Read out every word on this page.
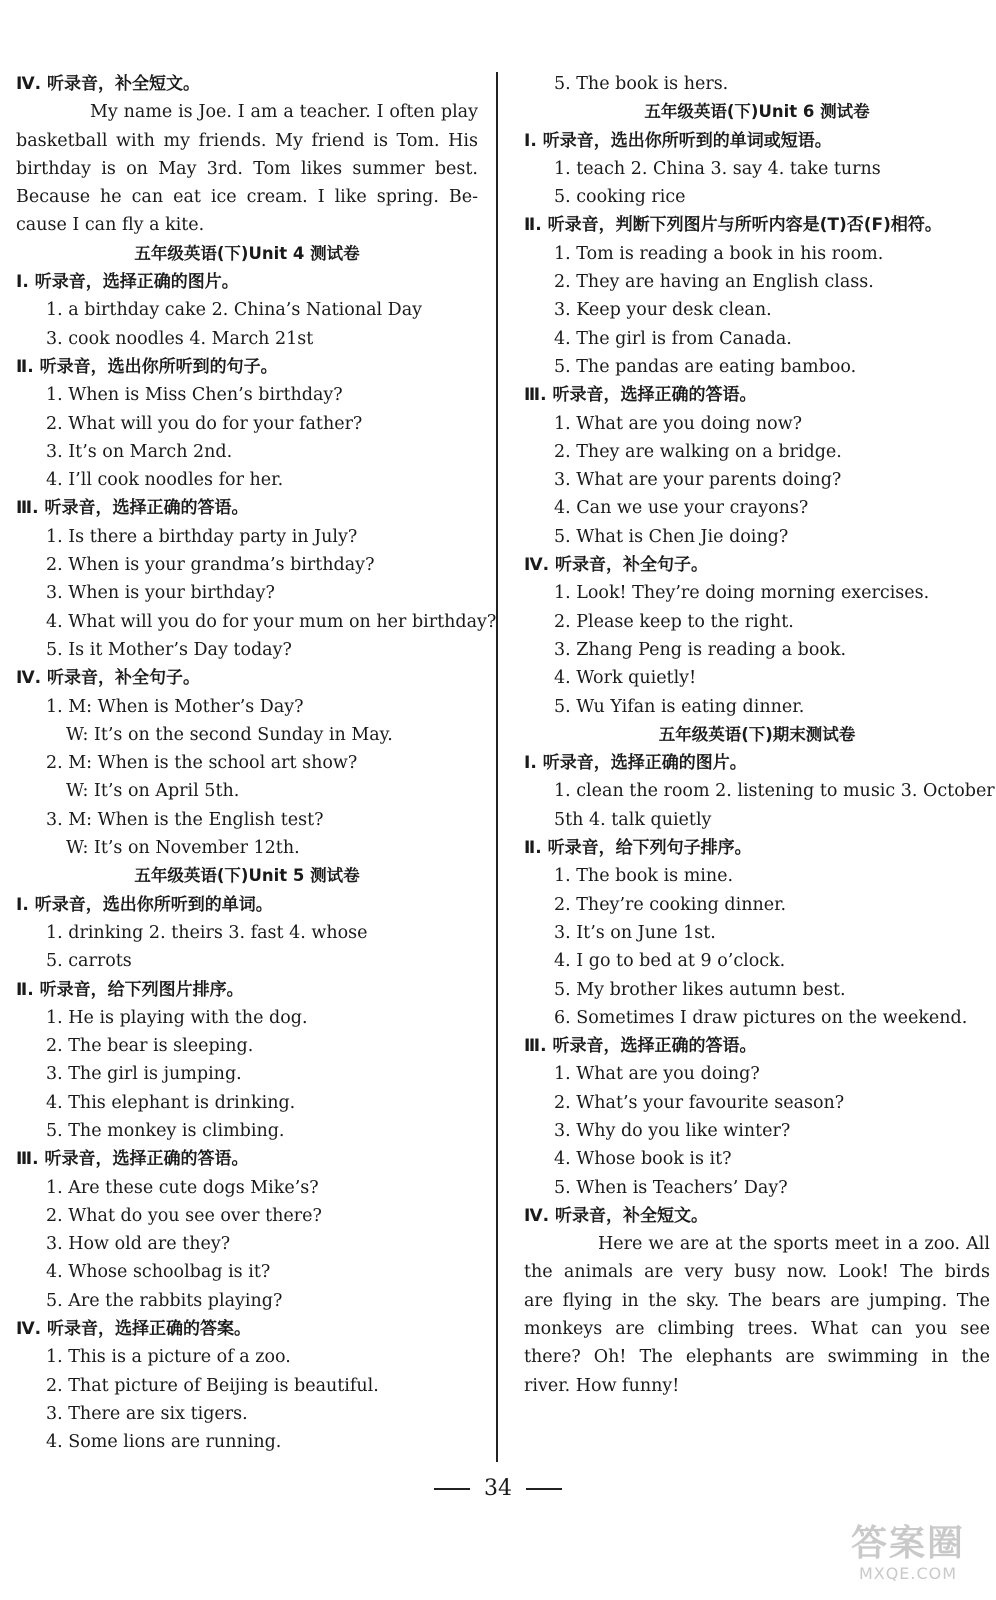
Ⅳ. 听录音，补全短文。
My name is Joe. I am a teacher. I often play
basketball with my friends. My friend is Tom. His
birthday is on May 3rd. Tom likes summer best.
Because he can eat ice cream. I like spring. Be-
cause I can fly a kite.
五年级英语(下)Unit 4 测试卷
Ⅰ. 听录音，选择正确的图片。
1. a birthday cake 2. China’s National Day
3. cook noodles 4. March 21st
Ⅱ. 听录音，选出你所听到的句子。
1. When is Miss Chen’s birthday?
2. What will you do for your father?
3. It’s on March 2nd.
4. I’ll cook noodles for her.
Ⅲ. 听录音，选择正确的答语。
1. Is there a birthday party in July?
2. When is your grandma’s birthday?
3. When is your birthday?
4. What will you do for your mum on her birthday?
5. Is it Mother’s Day today?
Ⅳ. 听录音，补全句子。
1. M: When is Mother’s Day?
W: It’s on the second Sunday in May.
2. M: When is the school art show?
W: It’s on April 5th.
3. M: When is the English test?
W: It’s on November 12th.
五年级英语(下)Unit 5 测试卷
Ⅰ. 听录音，选出你所听到的单词。
1. drinking 2. theirs 3. fast 4. whose
5. carrots
Ⅱ. 听录音，给下列图片排序。
1. He is playing with the dog.
2. The bear is sleeping.
3. The girl is jumping.
4. This elephant is drinking.
5. The monkey is climbing.
Ⅲ. 听录音，选择正确的答语。
1. Are these cute dogs Mike’s?
2. What do you see over there?
3. How old are they?
4. Whose schoolbag is it?
5. Are the rabbits playing?
Ⅳ. 听录音，选择正确的答案。
1. This is a picture of a zoo.
2. That picture of Beijing is beautiful.
3. There are six tigers.
4. Some lions are running.
5. The book is hers.
五年级英语(下)Unit 6 测试卷
Ⅰ. 听录音，选出你所听到的单词或短语。
1. teach 2. China 3. say 4. take turns
5. cooking rice
Ⅱ. 听录音，判断下列图片与所听内容是(T)否(F)相符。
1. Tom is reading a book in his room.
2. They are having an English class.
3. Keep your desk clean.
4. The girl is from Canada.
5. The pandas are eating bamboo.
Ⅲ. 听录音，选择正确的答语。
1. What are you doing now?
2. They are walking on a bridge.
3. What are your parents doing?
4. Can we use your crayons?
5. What is Chen Jie doing?
Ⅳ. 听录音，补全句子。
1. Look! They’re doing morning exercises.
2. Please keep to the right.
3. Zhang Peng is reading a book.
4. Work quietly!
5. Wu Yifan is eating dinner.
五年级英语(下)期末测试卷
Ⅰ. 听录音，选择正确的图片。
1. clean the room 2. listening to music 3. October
5th 4. talk quietly
Ⅱ. 听录音，给下列句子排序。
1. The book is mine.
2. They’re cooking dinner.
3. It’s on June 1st.
4. I go to bed at 9 o’clock.
5. My brother likes autumn best.
6. Sometimes I draw pictures on the weekend.
Ⅲ. 听录音，选择正确的答语。
1. What are you doing?
2. What’s your favourite season?
3. Why do you like winter?
4. Whose book is it?
5. When is Teachers’ Day?
Ⅳ. 听录音，补全短文。
Here we are at the sports meet in a zoo. All
the animals are very busy now. Look! The birds
are flying in the sky. The bears are jumping. The
monkeys are climbing trees. What can you see
there? Oh! The elephants are swimming in the
river. How funny!
34
答案圈
MXQE.COM
